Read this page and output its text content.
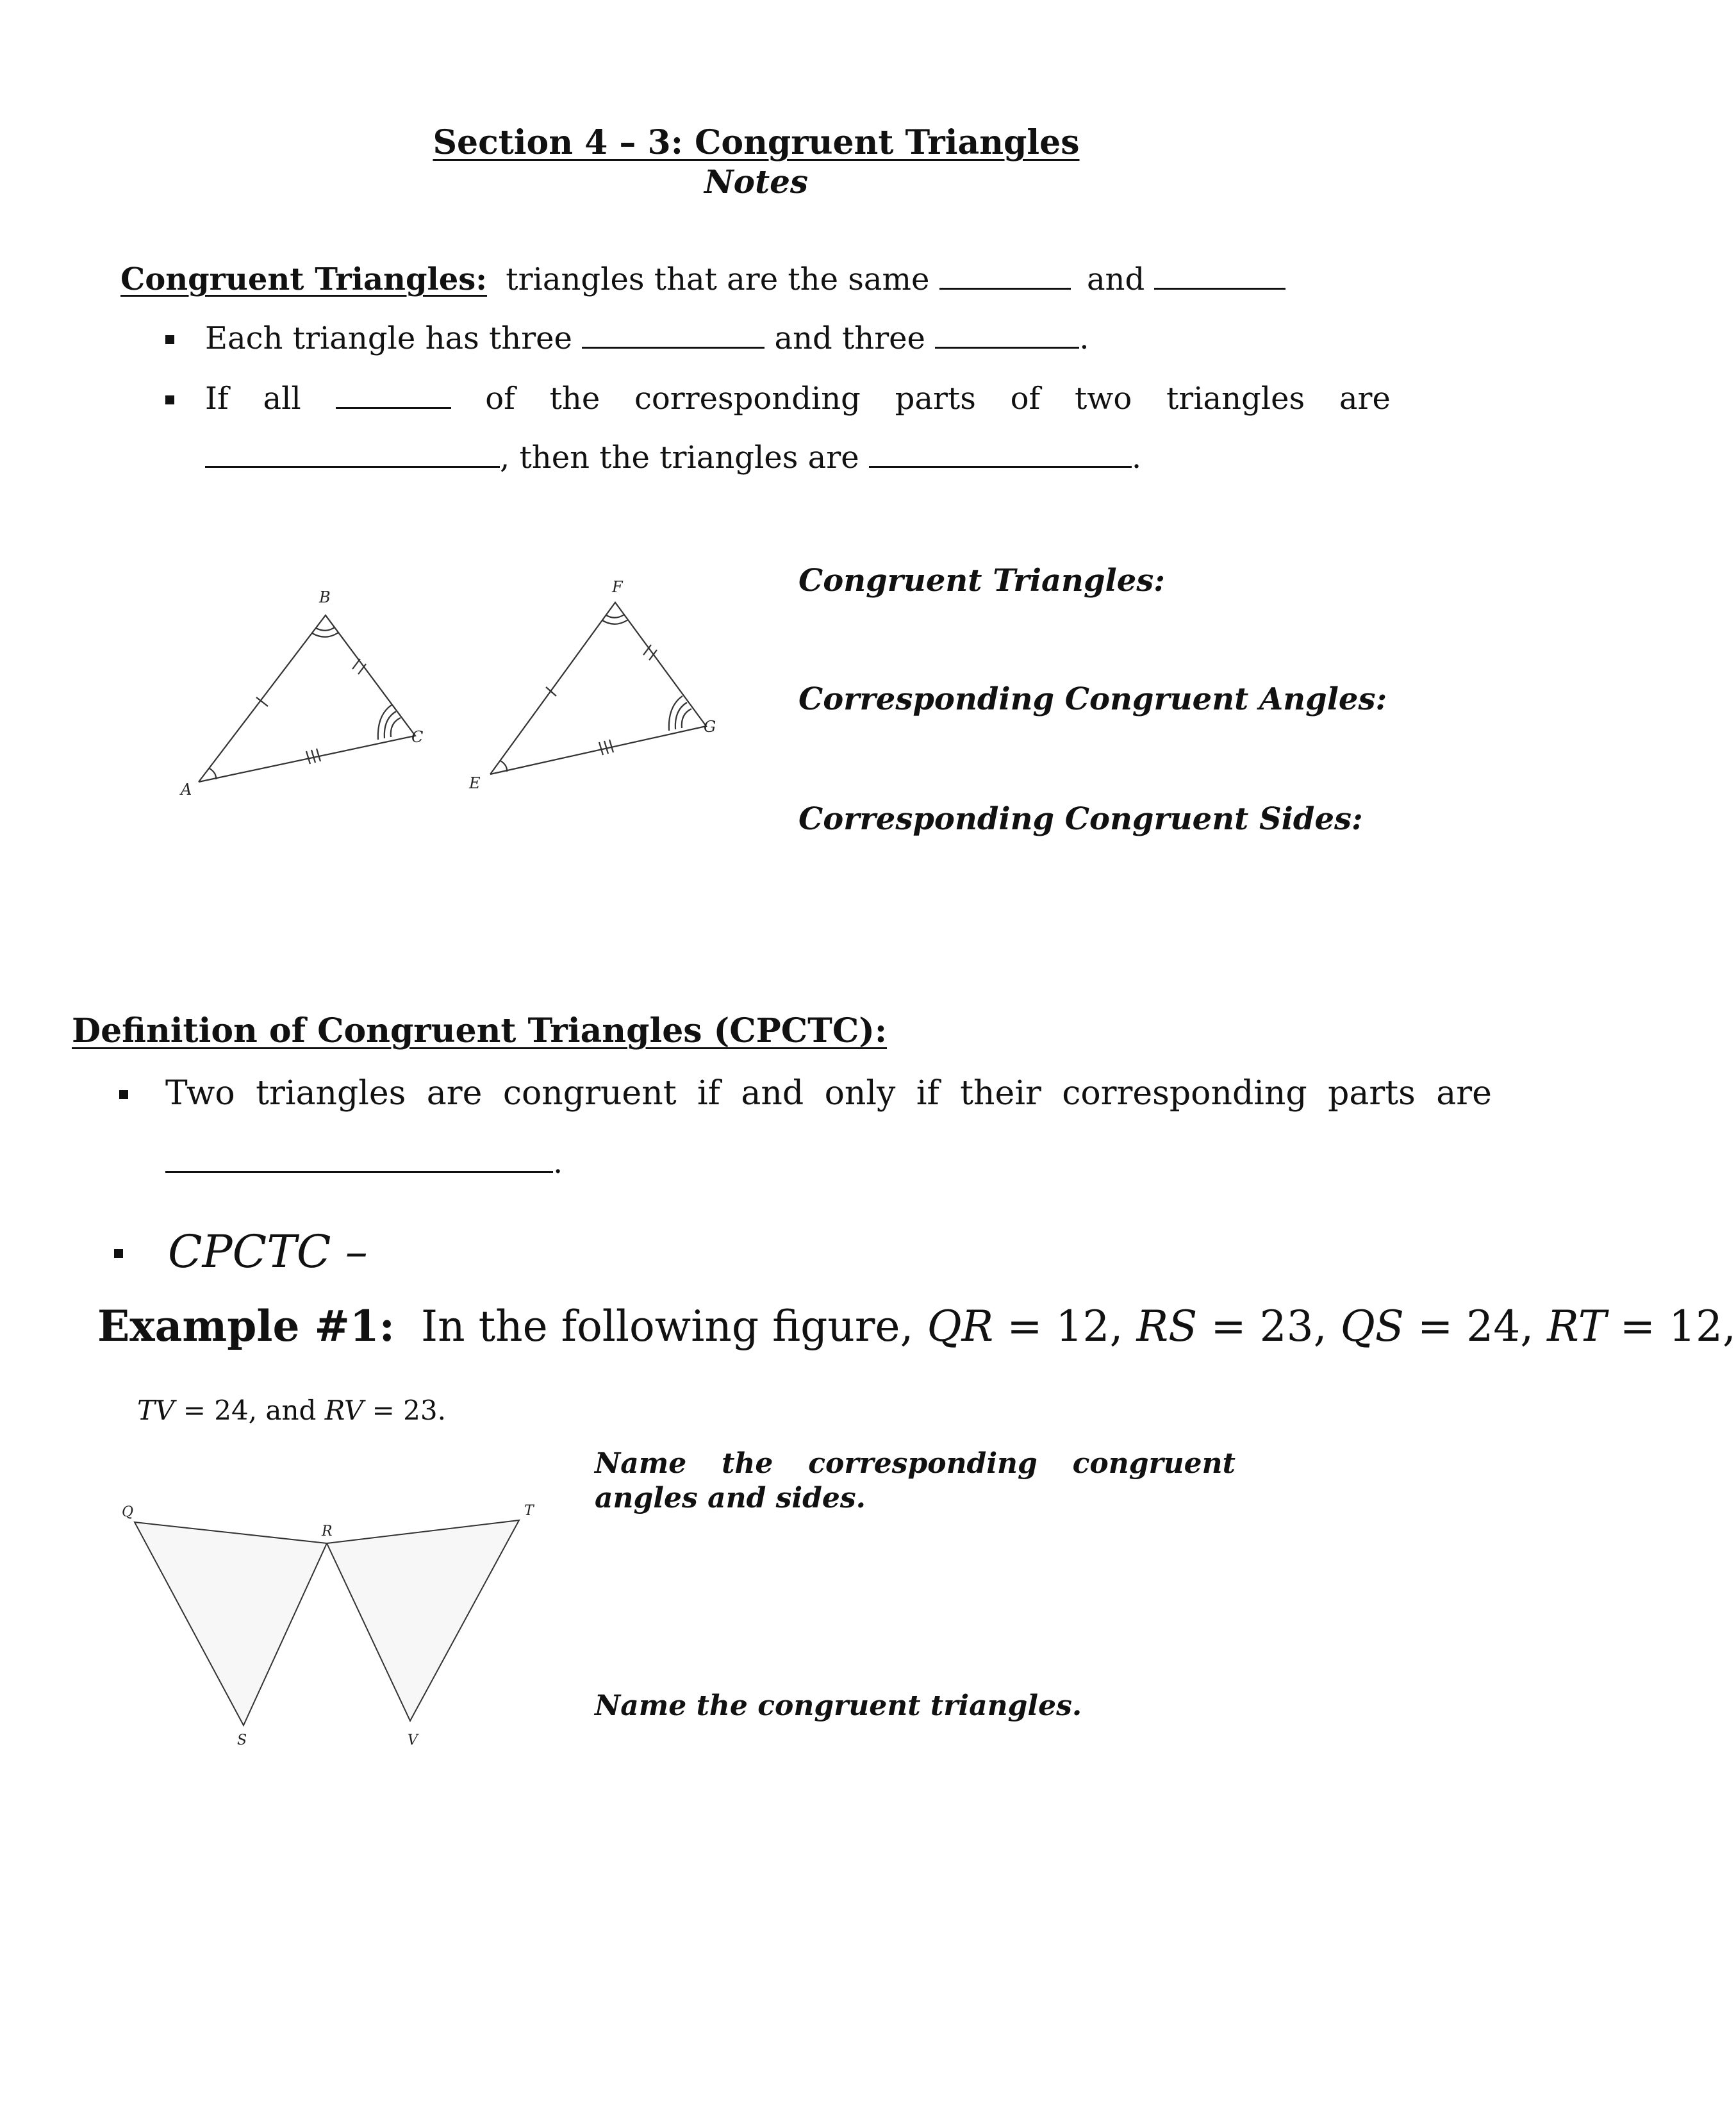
Section 4 – 3: Congruent Triangles
Notes
Congruent Triangles: triangles that are the same	and
Each triangle has three	and three	.
If all	of the corresponding parts of two triangles are
, then the triangles are	.
A
B
C
E
F
G
Congruent Triangles:
Corresponding Congruent Angles:
Corresponding Congruent Sides:
Definition of Congruent Triangles (CPCTC):
Two triangles are congruent if and only if their corresponding parts are
.
CPCTC –
Example #1: In the following figure, QR = 12, RS = 23, QS = 24, RT = 12,
TV = 24, and RV = 23.
Q
R
T
S	V
Name the corresponding congruent
angles and sides.
Name the congruent triangles.
